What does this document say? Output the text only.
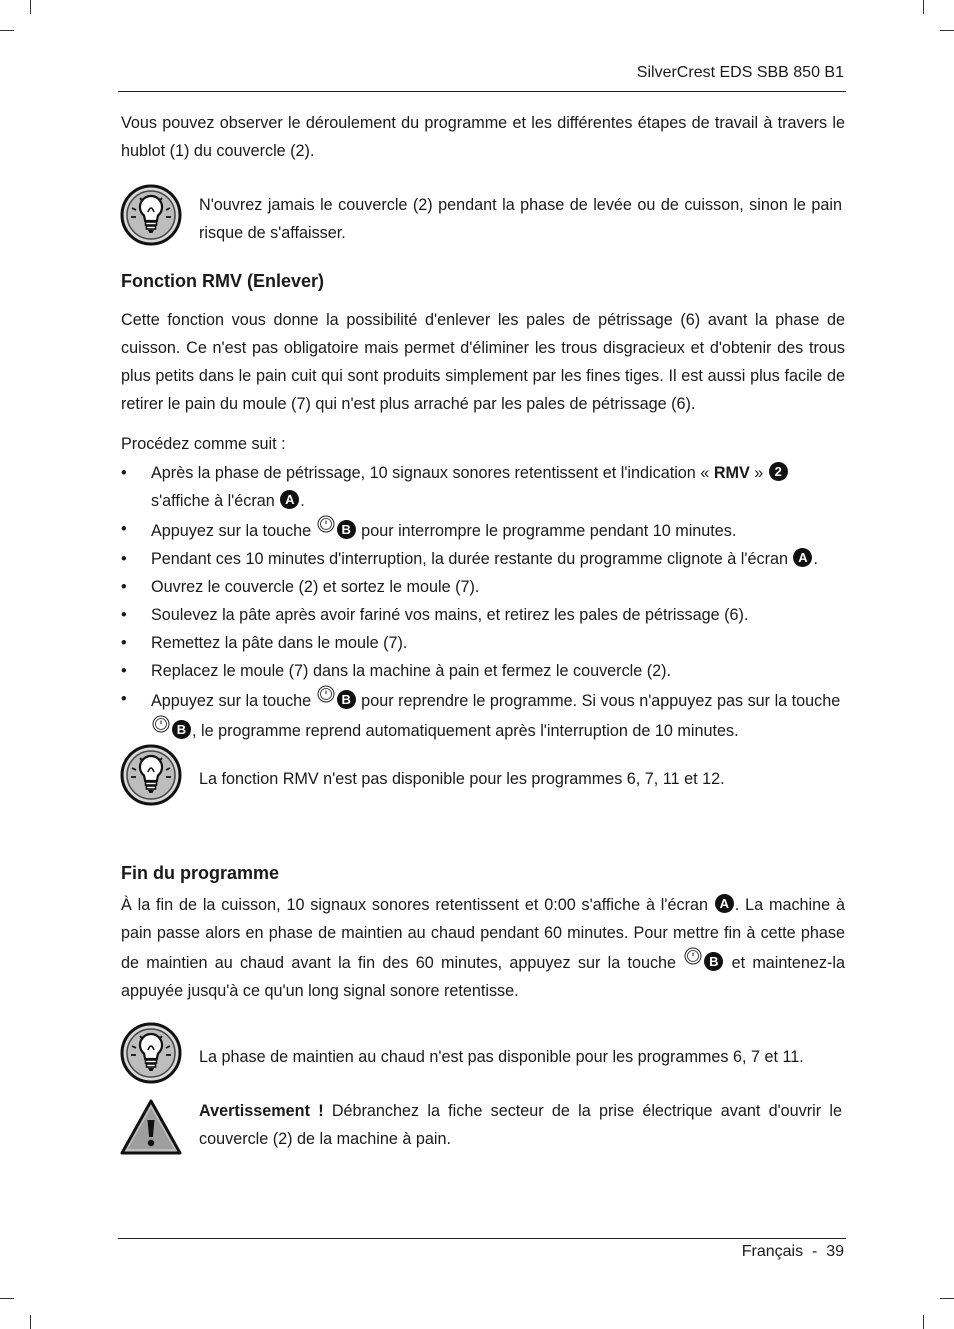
SilverCrest EDS SBB 850 B1
Vous pouvez observer le déroulement du programme et les différentes étapes de travail à travers le hublot (1) du couvercle (2).
N'ouvrez jamais le couvercle (2) pendant la phase de levée ou de cuisson, sinon le pain risque de s'affaisser.
Fonction RMV (Enlever)
Cette fonction vous donne la possibilité d'enlever les pales de pétrissage (6) avant la phase de cuisson. Ce n'est pas obligatoire mais permet d'éliminer les trous disgracieux et d'obtenir des trous plus petits dans le pain cuit qui sont produits simplement par les fines tiges. Il est aussi plus facile de retirer le pain du moule (7) qui n'est plus arraché par les pales de pétrissage (6).
Procédez comme suit :
• Après la phase de pétrissage, 10 signaux sonores retentissent et l'indication « RMV » 2
s'affiche à l'écran A .
• Appuyez sur la touche B pour interrompre le programme pendant 10 minutes.
• Pendant ces 10 minutes d'interruption, la durée restante du programme clignote à l'écran A .
• Ouvrez le couvercle (2) et sortez le moule (7).
• Soulevez la pâte après avoir fariné vos mains, et retirez les pales de pétrissage (6).
• Remettez la pâte dans le moule (7).
• Replacez le moule (7) dans la machine à pain et fermez le couvercle (2).
• Appuyez sur la touche B pour reprendre le programme. Si vous n'appuyez pas sur la touche B , le programme reprend automatiquement après l'interruption de 10 minutes.
La fonction RMV n'est pas disponible pour les programmes 6, 7, 11 et 12.
Fin du programme
À la fin de la cuisson, 10 signaux sonores retentissent et 0:00 s'affiche à l'écran A . La machine à pain passe alors en phase de maintien au chaud pendant 60 minutes. Pour mettre fin à cette phase de maintien au chaud avant la fin des 60 minutes, appuyez sur la touche B et maintenez-la appuyée jusqu'à ce qu'un long signal sonore retentisse.
La phase de maintien au chaud n'est pas disponible pour les programmes 6, 7 et 11.
Avertissement ! Débranchez la fiche secteur de la prise électrique avant d'ouvrir le couvercle (2) de la machine à pain.
Français  -  39
